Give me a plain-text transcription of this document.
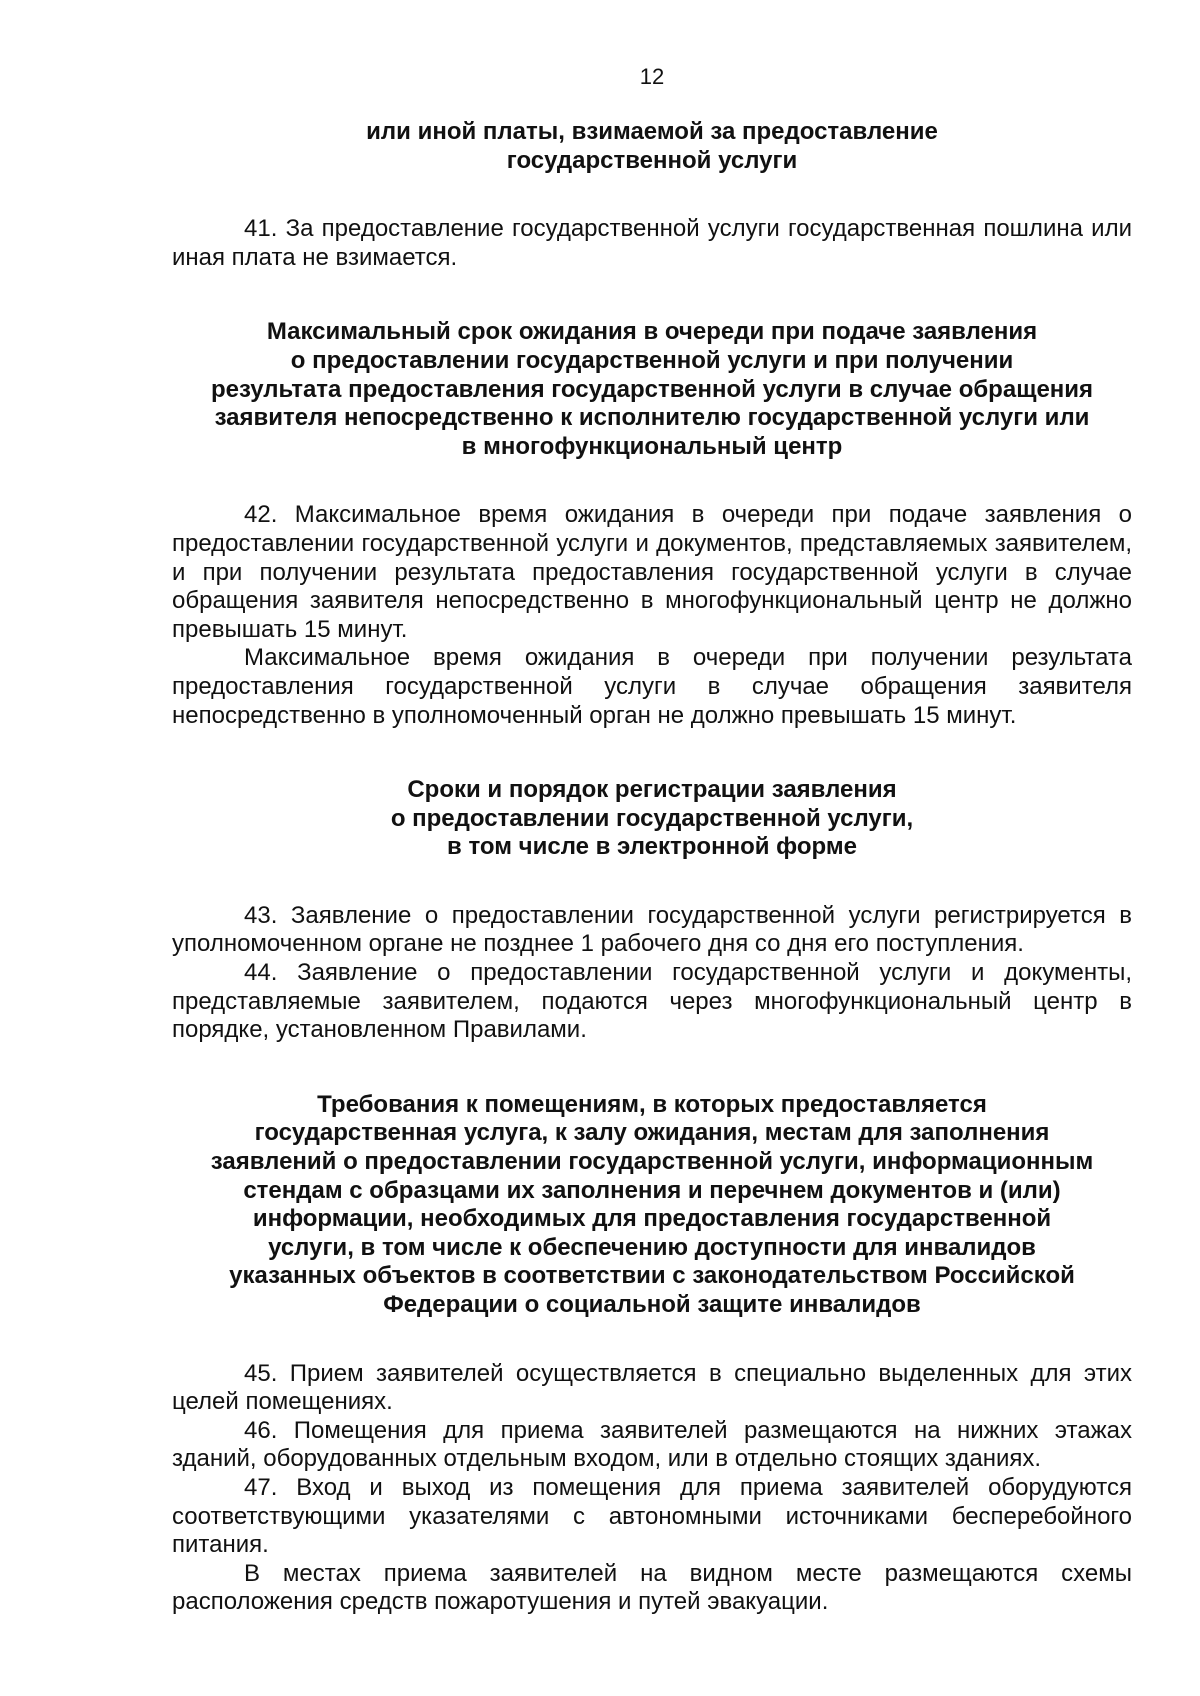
12
или иной платы, взимаемой за предоставление
государственной услуги

41. За предоставление государственной услуги государственная пошлина или иная плата не взимается.

Максимальный срок ожидания в очереди при подаче заявления
о предоставлении государственной услуги и при получении
результата предоставления государственной услуги в случае обращения
заявителя непосредственно к исполнителю государственной услуги или
в многофункциональный центр

42. Максимальное время ожидания в очереди при подаче заявления о предоставлении государственной услуги и документов, представляемых заявителем, и при получении результата предоставления государственной услуги в случае обращения заявителя непосредственно в многофункциональный центр не должно превышать 15 минут.

Максимальное время ожидания в очереди при получении результата предоставления государственной услуги в случае обращения заявителя непосредственно в уполномоченный орган не должно превышать 15 минут.

Сроки и порядок регистрации заявления
о предоставлении государственной услуги,
в том числе в электронной форме

43. Заявление о предоставлении государственной услуги регистрируется в уполномоченном органе не позднее 1 рабочего дня со дня его поступления.

44. Заявление о предоставлении государственной услуги и документы, представляемые заявителем, подаются через многофункциональный центр в порядке, установленном Правилами.

Требования к помещениям, в которых предоставляется
государственная услуга, к залу ожидания, местам для заполнения
заявлений о предоставлении государственной услуги, информационным
стендам с образцами их заполнения и перечнем документов и (или)
информации, необходимых для предоставления государственной
услуги, в том числе к обеспечению доступности для инвалидов
указанных объектов в соответствии с законодательством Российской
Федерации о социальной защите инвалидов

45. Прием заявителей осуществляется в специально выделенных для этих целей помещениях.

46. Помещения для приема заявителей размещаются на нижних этажах зданий, оборудованных отдельным входом, или в отдельно стоящих зданиях.

47. Вход и выход из помещения для приема заявителей оборудуются соответствующими указателями с автономными источниками бесперебойного питания.

В местах приема заявителей на видном месте размещаются схемы расположения средств пожаротушения и путей эвакуации.
